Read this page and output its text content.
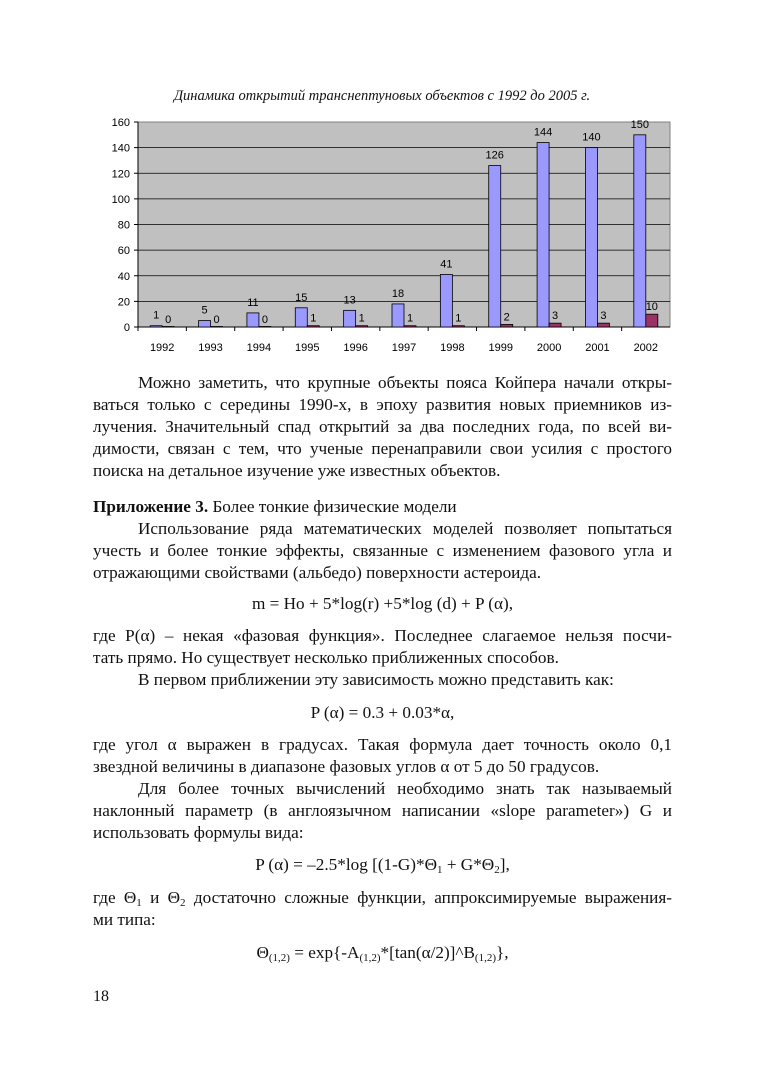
Динамика открытий транснептуновых объектов с 1992 до 2005 г.
0
20
40
60
80
100
120
140
160
1992
1 0
1993
5
0
1994
11
0
1995
15
1
1996
13
1
1997
18
1
1998
41
1
1999
126
2
2000
144
3
2001
140
3
2002
150
10

Можно заметить, что крупные объекты пояса Койпера начали откры-

ваться только с середины 1990-х, в эпоху развития новых приемников из-

лучения. Значительный спад открытий за два последних года, по всей ви-

димости, связан с тем, что ученые перенаправили свои усилия с простого

поиска на детальное изучение уже известных объектов.

Приложение 3. Более тонкие физические модели

Использование ряда математических моделей позволяет попытаться

учесть и более тонкие эффекты, связанные с изменением фазового угла и

отражающими свойствами (альбедо) поверхности астероида.

m = Ho + 5*log(r) +5*log (d) + P (α),

где P(α) – некая «фазовая функция». Последнее слагаемое нельзя посчи-

тать прямо. Но существует несколько приближенных способов.

В первом приближении эту зависимость можно представить как:

P (α) = 0.3 + 0.03*α,

где угол α выражен в градусах. Такая формула дает точность около 0,1

звездной величины в диапазоне фазовых углов α от 5 до 50 градусов.

Для более точных вычислений необходимо знать так называемый

наклонный параметр (в англоязычном написании «slope parameter») G и

использовать формулы вида:

P (α) = –2.5*log $[(1-G)*\Theta_1 + G*\Theta_2]$,

где $\Theta_1$ и $\Theta_2$ достаточно сложные функции, аппроксимируемые выражения-

ми типа:

$\Theta_{(1,2)}$ = $\exp\{-A_{(1,2)}*[\tan(\alpha/2)]\^{}B_{(1,2)}\}$,

18
